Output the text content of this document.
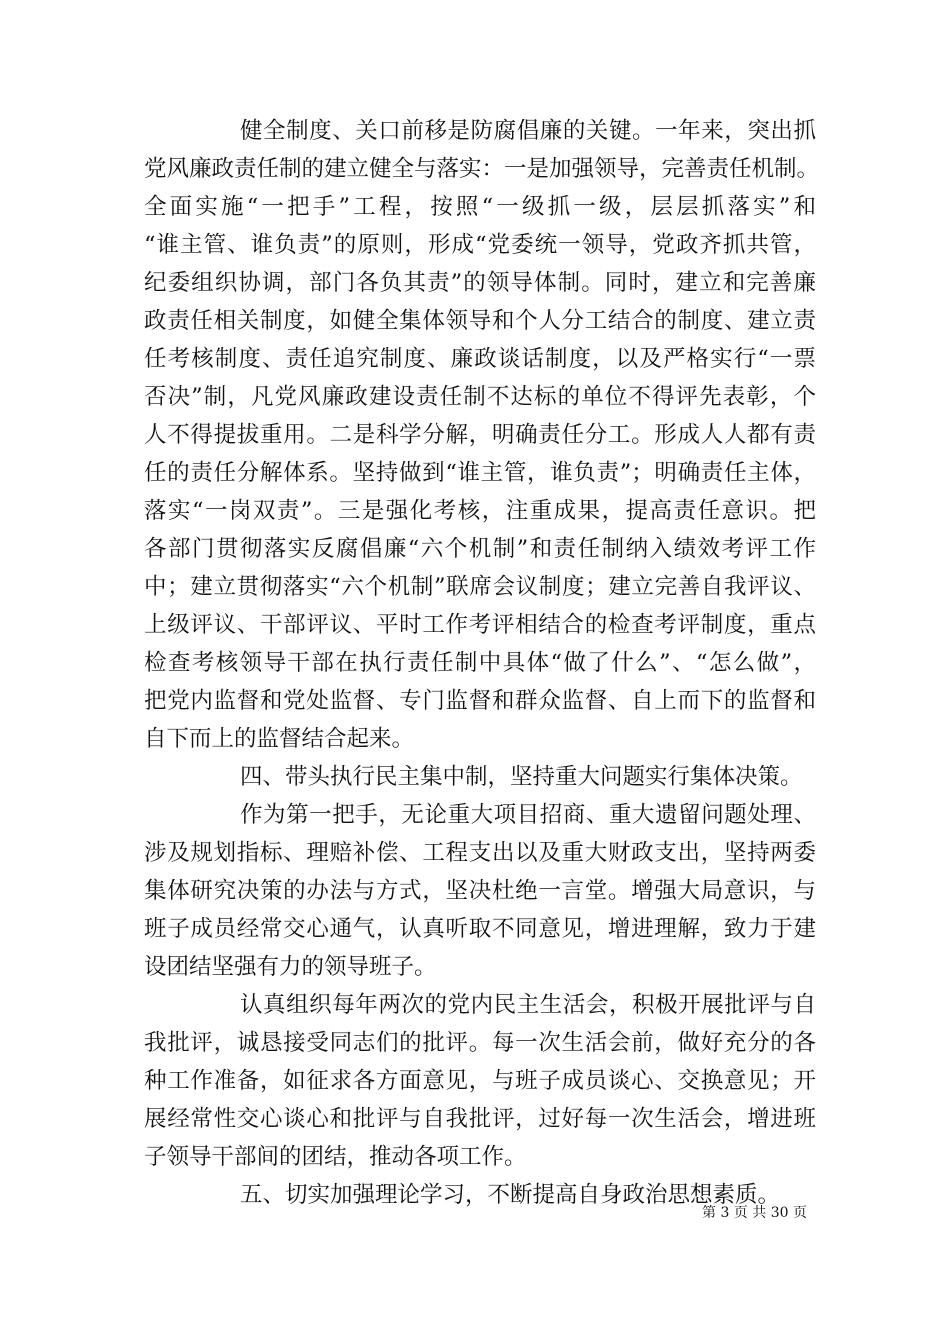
健全制度、关口前移是防腐倡廉的关键。一年来，突出抓
党风廉政责任制的建立健全与落实：一是加强领导，完善责任机制。
全面实施“一把手”工程，按照“一级抓一级，层层抓落实”和
“谁主管、谁负责”的原则，形成“党委统一领导，党政齐抓共管，
纪委组织协调，部门各负其责”的领导体制。同时，建立和完善廉
政责任相关制度，如健全集体领导和个人分工结合的制度、建立责
任考核制度、责任追究制度、廉政谈话制度，以及严格实行“一票
否决”制，凡党风廉政建设责任制不达标的单位不得评先表彰，个
人不得提拔重用。二是科学分解，明确责任分工。形成人人都有责
任的责任分解体系。坚持做到“谁主管，谁负责”；明确责任主体，
落实“一岗双责”。三是强化考核，注重成果，提高责任意识。把
各部门贯彻落实反腐倡廉“六个机制”和责任制纳入绩效考评工作
中；建立贯彻落实“六个机制”联席会议制度；建立完善自我评议、
上级评议、干部评议、平时工作考评相结合的检查考评制度，重点
检查考核领导干部在执行责任制中具体“做了什么”、“怎么做”，
把党内监督和党处监督、专门监督和群众监督、自上而下的监督和
自下而上的监督结合起来。
四、带头执行民主集中制，坚持重大问题实行集体决策。
作为第一把手，无论重大项目招商、重大遗留问题处理、
涉及规划指标、理赔补偿、工程支出以及重大财政支出，坚持两委
集体研究决策的办法与方式，坚决杜绝一言堂。增强大局意识，与
班子成员经常交心通气，认真听取不同意见，增进理解，致力于建
设团结坚强有力的领导班子。
认真组织每年两次的党内民主生活会，积极开展批评与自
我批评，诚恳接受同志们的批评。每一次生活会前，做好充分的各
种工作准备，如征求各方面意见，与班子成员谈心、交换意见；开
展经常性交心谈心和批评与自我批评，过好每一次生活会，增进班
子领导干部间的团结，推动各项工作。
五、切实加强理论学习，不断提高自身政治思想素质。
第 3 页 共 30 页
